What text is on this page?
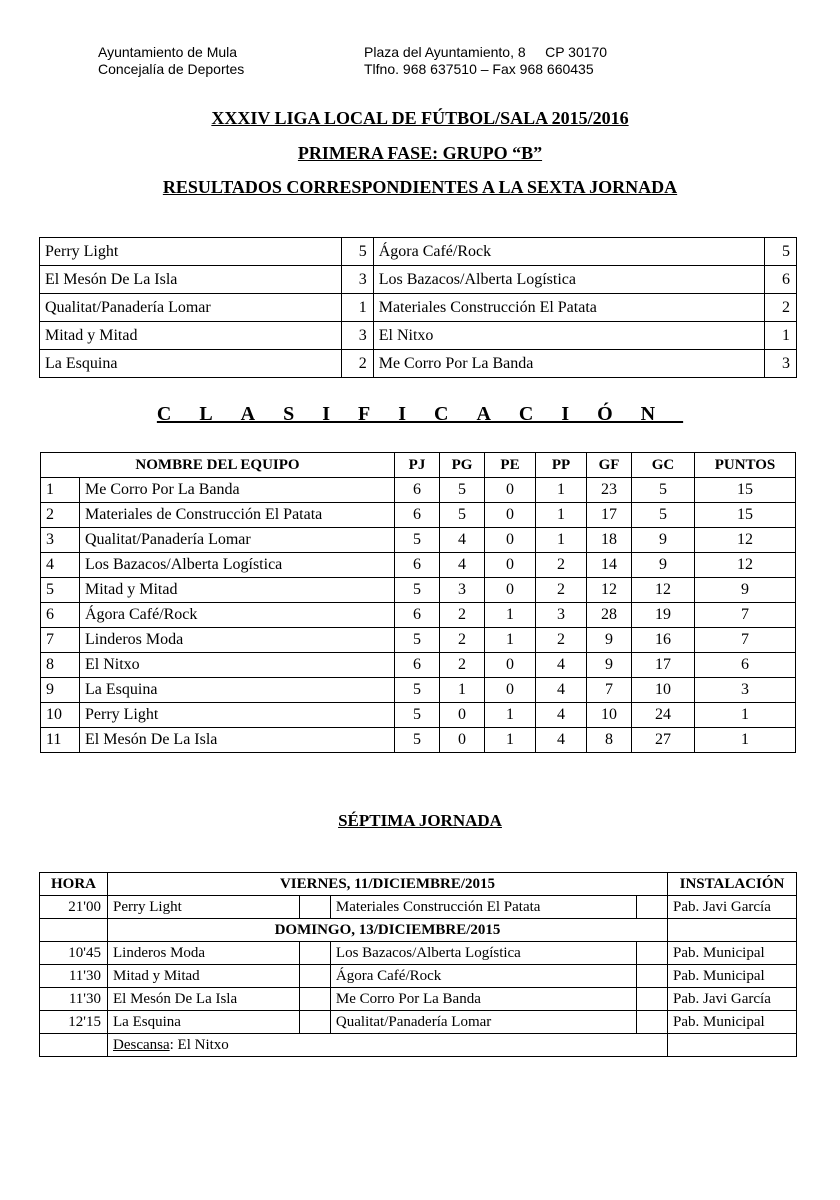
Ayuntamiento de Mula
Concejalía de Deportes
Plaza del Ayuntamiento, 8     CP 30170
Tlfno. 968 637510 – Fax 968 660435
XXXIV LIGA LOCAL DE FÚTBOL/SALA 2015/2016
PRIMERA FASE: GRUPO “B”
RESULTADOS CORRESPONDIENTES A LA SEXTA JORNADA
Perry Light	5	Ágora Café/Rock	5
El Mesón De La Isla	3	Los Bazacos/Alberta Logística	6
Qualitat/Panadería Lomar	1	Materiales Construcción El Patata	2
Mitad y Mitad	3	El Nitxo	1
La Esquina	2	Me Corro Por La Banda	3
CLASIFICACIÓN
NOMBRE DEL EQUIPO		PJ	PG	PE	PP	GF	GC	PUNTOS
1	Me Corro Por La Banda	6	5	0	1	23	5	15
2	Materiales de Construcción El Patata	6	5	0	1	17	5	15
3	Qualitat/Panadería Lomar	5	4	0	1	18	9	12
4	Los Bazacos/Alberta Logística	6	4	0	2	14	9	12
5	Mitad y Mitad	5	3	0	2	12	12	9
6	Ágora Café/Rock	6	2	1	3	28	19	7
7	Linderos Moda	5	2	1	2	9	16	7
8	El Nitxo	6	2	0	4	9	17	6
9	La Esquina	5	1	0	4	7	10	3
10	Perry Light	5	0	1	4	10	24	1
11	El Mesón De La Isla	5	0	1	4	8	27	1
SÉPTIMA JORNADA
HORA	VIERNES, 11/DICIEMBRE/2015				INSTALACIÓN
21'00	Perry Light		Materiales Construcción El Patata		Pab. Javi García
	DOMINGO, 13/DICIEMBRE/2015				
10'45	Linderos Moda		Los Bazacos/Alberta Logística		Pab. Municipal
11'30	Mitad y Mitad		Ágora Café/Rock		Pab. Municipal
11'30	El Mesón De La Isla		Me Corro Por La Banda		Pab. Javi García
12'15	La Esquina		Qualitat/Panadería Lomar		Pab. Municipal
	Descansa: El Nitxo				
